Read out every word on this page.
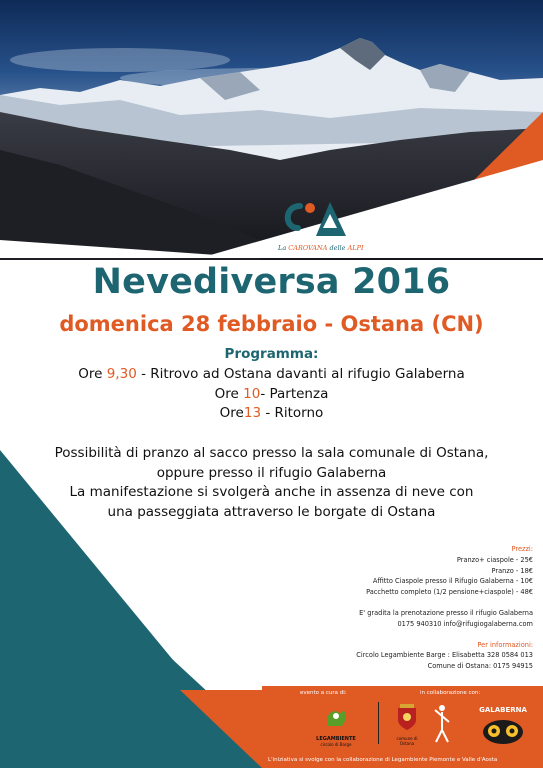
La CAROVANA delle ALPI
Nevediversa 2016
domenica 28 febbraio - Ostana (CN)
Programma:
Ore 9,30 - Ritrovo ad Ostana davanti al rifugio Galaberna
Ore 10- Partenza
Ore13 - Ritorno
Possibilità di pranzo al sacco presso la sala comunale di Ostana,
oppure presso il rifugio Galaberna
La manifestazione si svolgerà anche in assenza di neve con
una passeggiata attraverso le borgate di Ostana
Prezzi:
Pranzo+ ciaspole - 25€
Pranzo - 18€
Affitto Ciaspole presso il Rifugio Galaberna - 10€
Pacchetto completo (1/2 pensione+ciaspole) - 48€
E' gradita la prenotazione presso il rifugio Galaberna
0175 940310 info@rifugiogalaberna.com
Per informazioni:
Circolo Legambiente Barge : Elisabetta 328 0584 013
Comune di Ostana: 0175 94915
evento a cura di:	in collaborazione con:
LEGAMBIENTE
circolo di Barge
comune di Ostana
GALABERNA
L'iniziativa si svolge con la collaborazione di Legambiente Piemonte e Valle d'Aosta
